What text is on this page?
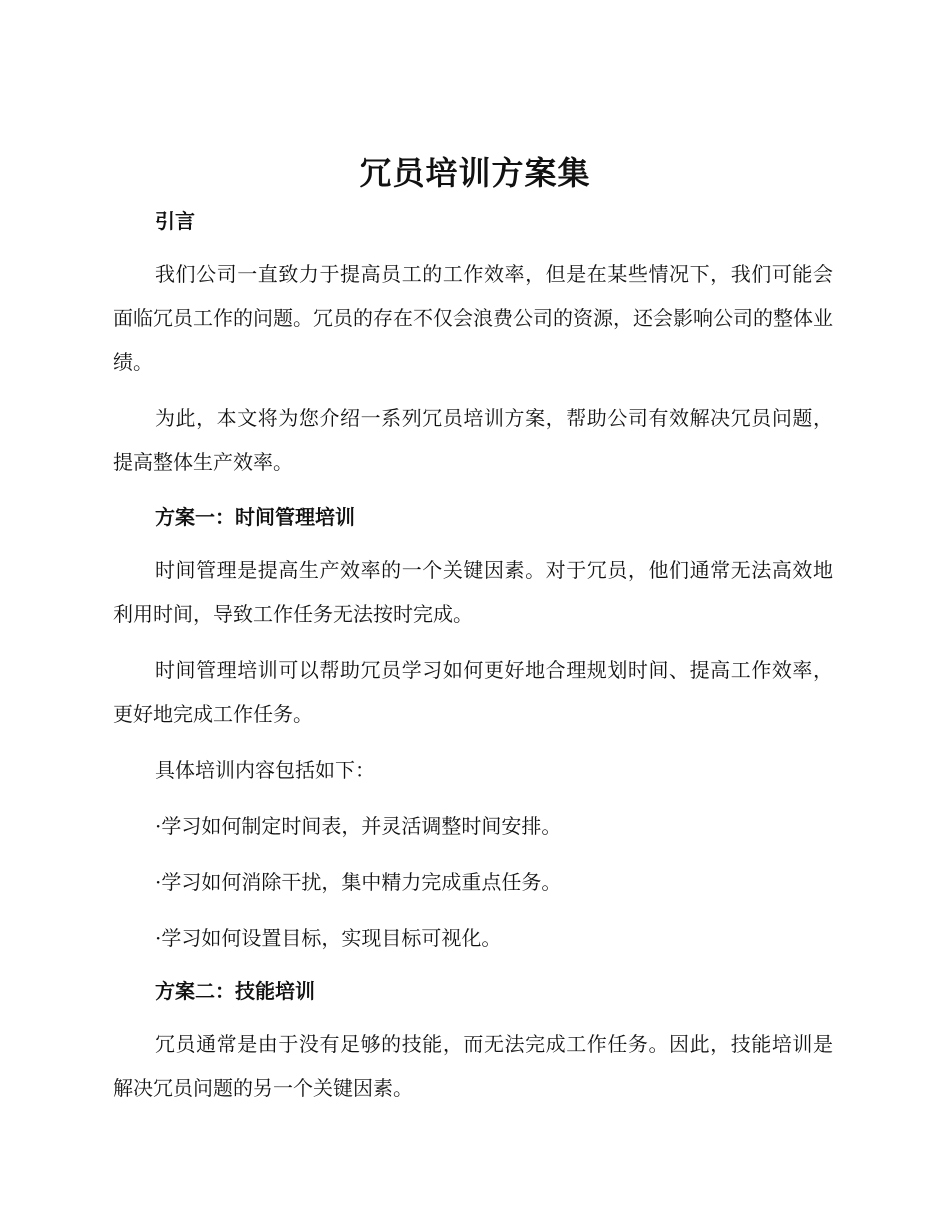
冗员培训方案集

引言

我们公司一直致力于提高员工的工作效率，但是在某些情况下，我们可能会面临冗员工作的问题。冗员的存在不仅会浪费公司的资源，还会影响公司的整体业绩。

为此，本文将为您介绍一系列冗员培训方案，帮助公司有效解决冗员问题，提高整体生产效率。

方案一：时间管理培训

时间管理是提高生产效率的一个关键因素。对于冗员，他们通常无法高效地利用时间，导致工作任务无法按时完成。

时间管理培训可以帮助冗员学习如何更好地合理规划时间、提高工作效率，更好地完成工作任务。

具体培训内容包括如下：

·学习如何制定时间表，并灵活调整时间安排。

·学习如何消除干扰，集中精力完成重点任务。

·学习如何设置目标，实现目标可视化。

方案二：技能培训

冗员通常是由于没有足够的技能，而无法完成工作任务。因此，技能培训是解决冗员问题的另一个关键因素。
